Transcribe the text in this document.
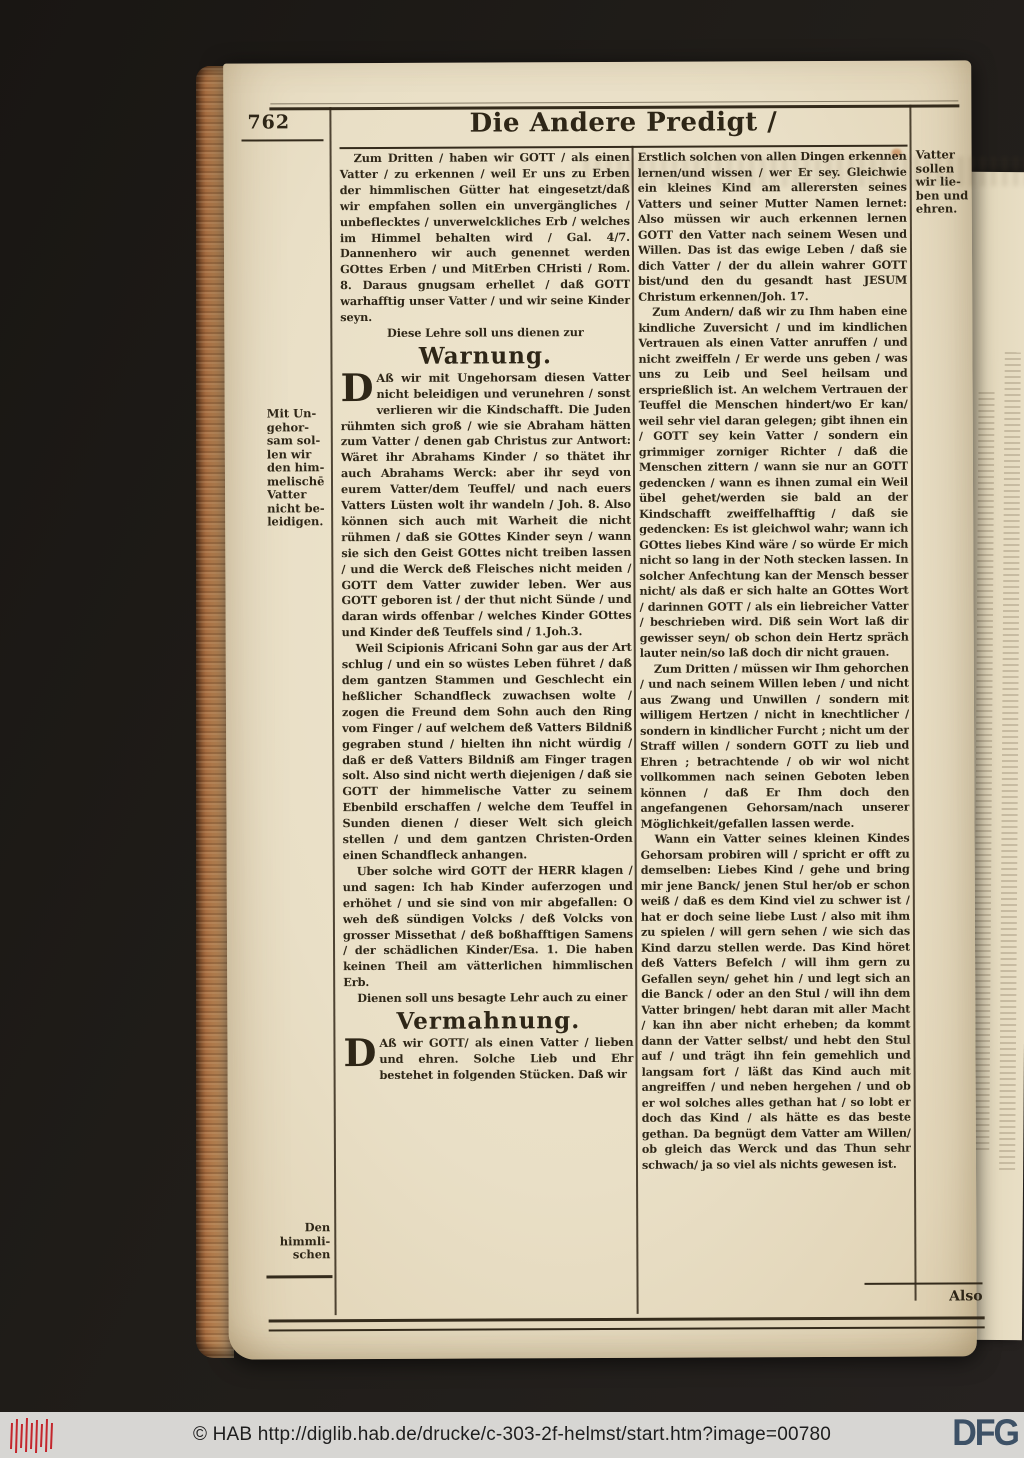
762	Die Andere Predigt /
Mit Un-
gehor-
sam sol-
len wir
den him-
melischē
Vatter
nicht be-
leidigen.
Den
himmli-
schen
Vatter
sollen
wir lie-
ben und
ehren.

Zum Dritten / haben wir GOTT / als einen Vatter / zu erkennen / weil Er uns zu Erben der himmlischen Gütter hat eingesetzt/daß wir empfahen sollen ein unvergängliches / unbeflecktes / unverwelckliches Erb / welches im Himmel behalten wird / Gal. 4/7. Dannenhero wir auch genennet werden GOttes Erben / und MitErben CHristi / Rom. 8. Daraus gnugsam erhellet / daß GOTT warhafftig unser Vatter / und wir seine Kinder seyn.

Diese Lehre soll uns dienen zur

Warnung.

D Aß wir mit Ungehorsam diesen Vatter nicht beleidigen und verunehren / sonst verlieren wir die Kindschafft. Die Juden rühmten sich groß / wie sie Abraham hätten zum Vatter / denen gab Christus zur Antwort: Wäret ihr Abrahams Kinder / so thätet ihr auch Abrahams Werck: aber ihr seyd von eurem Vatter/dem Teuffel/ und nach euers Vatters Lüsten wolt ihr wandeln / Joh. 8. Also können sich auch mit Warheit die nicht rühmen / daß sie GOttes Kinder seyn / wann sie sich den Geist GOttes nicht treiben lassen / und die Werck deß Fleisches nicht meiden / GOTT dem Vatter zuwider leben. Wer aus GOTT geboren ist / der thut nicht Sünde / und daran wirds offenbar / welches Kinder GOttes und Kinder deß Teuffels sind / 1.Joh.3.

Weil Scipionis Africani Sohn gar aus der Art schlug / und ein so wüstes Leben führet / daß dem gantzen Stammen und Geschlecht ein heßlicher Schandfleck zuwachsen wolte / zogen die Freund dem Sohn auch den Ring vom Finger / auf welchem deß Vatters Bildniß gegraben stund / hielten ihn nicht würdig / daß er deß Vatters Bildniß am Finger tragen solt. Also sind nicht werth diejenigen / daß sie GOTT der himmelische Vatter zu seinem Ebenbild erschaffen / welche dem Teuffel in Sunden dienen / dieser Welt sich gleich stellen / und dem gantzen Christen-Orden einen Schandfleck anhangen.

Uber solche wird GOTT der HERR klagen / und sagen: Ich hab Kinder auferzogen und erhöhet / und sie sind von mir abgefallen: O weh deß sündigen Volcks / deß Volcks von grosser Missethat / deß boßhafftigen Samens / der schädlichen Kinder/Esa. 1. Die haben keinen Theil am vätterlichen himmlischen Erb.

Dienen soll uns besagte Lehr auch zu einer

Vermahnung.

D Aß wir GOTT/ als einen Vatter / lieben und ehren. Solche Lieb und Ehr bestehet in folgenden Stücken. Daß wir

Erstlich solchen von allen Dingen erkennen lernen/und wissen / wer Er sey. Gleichwie ein kleines Kind am allerersten seines Vatters und seiner Mutter Namen lernet: Also müssen wir auch erkennen lernen GOTT den Vatter nach seinem Wesen und Willen. Das ist das ewige Leben / daß sie dich Vatter / der du allein wahrer GOTT bist/und den du gesandt hast JESUM Christum erkennen/Joh. 17.

Zum Andern/ daß wir zu Ihm haben eine kindliche Zuversicht / und im kindlichen Vertrauen als einen Vatter anruffen / und nicht zweiffeln / Er werde uns geben / was uns zu Leib und Seel heilsam und ersprießlich ist. An welchem Vertrauen der Teuffel die Menschen hindert/wo Er kan/ weil sehr viel daran gelegen; gibt ihnen ein / GOTT sey kein Vatter / sondern ein grimmiger zorniger Richter / daß die Menschen zittern / wann sie nur an GOTT gedencken / wann es ihnen zumal ein Weil übel gehet/werden sie bald an der Kindschafft zweiffelhafftig / daß sie gedencken: Es ist gleichwol wahr; wann ich GOttes liebes Kind wäre / so würde Er mich nicht so lang in der Noth stecken lassen. In solcher Anfechtung kan der Mensch besser nicht/ als daß er sich halte an GOttes Wort / darinnen GOTT / als ein liebreicher Vatter / beschrieben wird. Diß sein Wort laß dir gewisser seyn/ ob schon dein Hertz spräch lauter nein/so laß doch dir nicht grauen.

Zum Dritten / müssen wir Ihm gehorchen / und nach seinem Willen leben / und nicht aus Zwang und Unwillen / sondern mit willigem Hertzen / nicht in knechtlicher / sondern in kindlicher Furcht ; nicht um der Straff willen / sondern GOTT zu lieb und Ehren ; betrachtende / ob wir wol nicht vollkommen nach seinen Geboten leben können / daß Er Ihm doch den angefangenen Gehorsam/nach unserer Möglichkeit/gefallen lassen werde.

Wann ein Vatter seines kleinen Kindes Gehorsam probiren will / spricht er offt zu demselben: Liebes Kind / gehe und bring mir jene Banck/ jenen Stul her/ob er schon weiß / daß es dem Kind viel zu schwer ist / hat er doch seine liebe Lust / also mit ihm zu spielen / will gern sehen / wie sich das Kind darzu stellen werde. Das Kind höret deß Vatters Befelch / will ihm gern zu Gefallen seyn/ gehet hin / und legt sich an die Banck / oder an den Stul / will ihn dem Vatter bringen/ hebt daran mit aller Macht / kan ihn aber nicht erheben; da kommt dann der Vatter selbst/ und hebt den Stul auf / und trägt ihn fein gemehlich und langsam fort / läßt das Kind auch mit angreiffen / und neben hergehen / und ob er wol solches alles gethan hat / so lobt er doch das Kind / als hätte es das beste gethan. Da begnügt dem Vatter am Willen/ ob gleich das Werck und das Thun sehr schwach/ ja so viel als nichts gewesen ist.

Also
© HAB http://diglib.hab.de/drucke/c-303-2f-helmst/start.htm?image=00780	DFG
